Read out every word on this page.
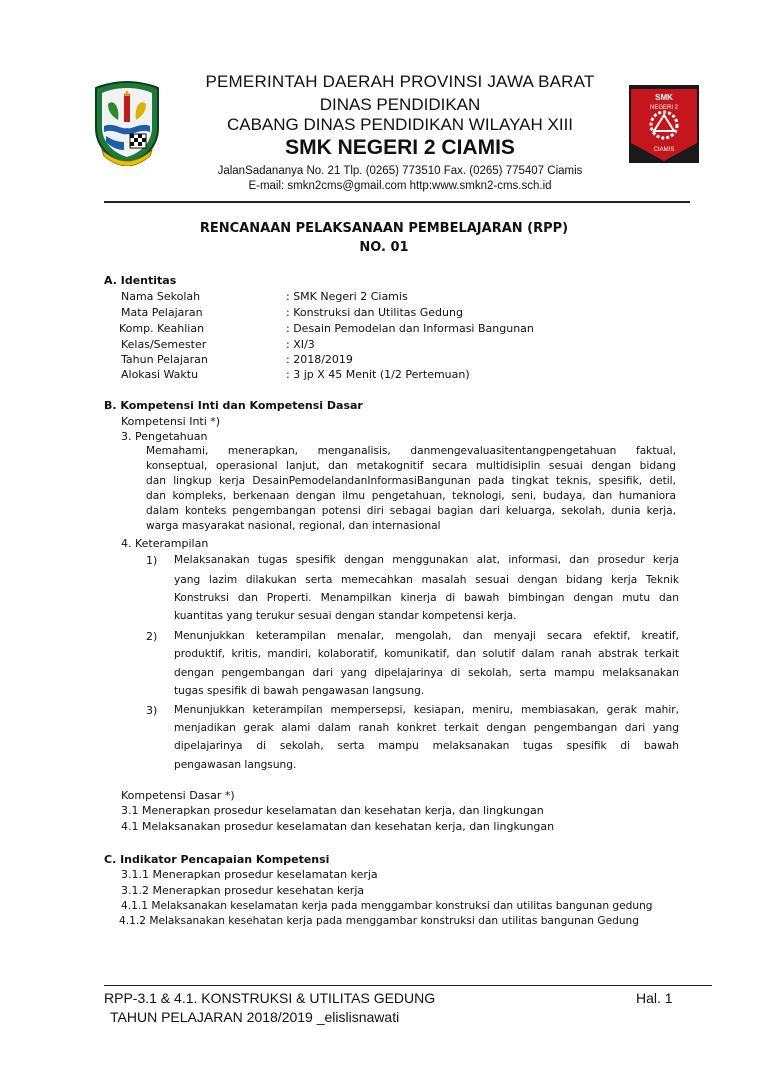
SMK
NEGERI 2
CIAMIS
PEMERINTAH DAERAH PROVINSI JAWA BARAT
DINAS PENDIDIKAN
CABANG DINAS PENDIDIKAN WILAYAH XIII
SMK NEGERI 2 CIAMIS
JalanSadananya No. 21 Tlp. (0265) 773510 Fax. (0265) 775407 Ciamis
E-mail: smkn2cms@gmail.com http:www.smkn2-cms.sch.id
RENCANAAN PELAKSANAAN PEMBELAJARAN (RPP)
NO. 01
A. Identitas
Nama Sekolah	: SMK Negeri 2 Ciamis
Mata Pelajaran	: Konstruksi dan Utilitas Gedung
Komp. Keahlian	: Desain Pemodelan dan Informasi Bangunan
Kelas/Semester	: XI/3
Tahun Pelajaran	: 2018/2019
Alokasi Waktu	: 3 jp X 45 Menit (1/2 Pertemuan)
B. Kompetensi Inti dan Kompetensi Dasar
Kompetensi Inti *)
3. Pengetahuan
Memahami, menerapkan, menganalisis, danmengevaluasitentangpengetahuan faktual,
konseptual, operasional lanjut, dan metakognitif secara multidisiplin sesuai dengan bidang
dan lingkup kerja DesainPemodelandanInformasiBangunan pada tingkat teknis, spesifik, detil,
dan kompleks, berkenaan dengan ilmu pengetahuan, teknologi, seni, budaya, dan humaniora
dalam konteks pengembangan potensi diri sebagai bagian dari keluarga, sekolah, dunia kerja,
warga masyarakat nasional, regional, dan internasional
4. Keterampilan
1) Melaksanakan tugas spesifik dengan menggunakan alat, informasi, dan prosedur kerja
yang lazim dilakukan serta memecahkan masalah sesuai dengan bidang kerja Teknik
Konstruksi dan Properti. Menampilkan kinerja di bawah bimbingan dengan mutu dan
kuantitas yang terukur sesuai dengan standar kompetensi kerja.
2) Menunjukkan keterampilan menalar, mengolah, dan menyaji secara efektif, kreatif,
produktif, kritis, mandiri, kolaboratif, komunikatif, dan solutif dalam ranah abstrak terkait
dengan pengembangan dari yang dipelajarinya di sekolah, serta mampu melaksanakan
tugas spesifik di bawah pengawasan langsung.
3) Menunjukkan keterampilan mempersepsi, kesiapan, meniru, membiasakan, gerak mahir,
menjadikan gerak alami dalam ranah konkret terkait dengan pengembangan dari yang
dipelajarinya di sekolah, serta mampu melaksanakan tugas spesifik di bawah
pengawasan langsung.
Kompetensi Dasar *)
3.1 Menerapkan prosedur keselamatan dan kesehatan kerja, dan lingkungan
4.1 Melaksanakan prosedur keselamatan dan kesehatan kerja, dan lingkungan
C. Indikator Pencapaian Kompetensi
3.1.1 Menerapkan prosedur keselamatan kerja
3.1.2 Menerapkan prosedur kesehatan kerja
4.1.1 Melaksanakan keselamatan kerja pada menggambar konstruksi dan utilitas bangunan gedung
4.1.2 Melaksanakan kesehatan kerja pada menggambar konstruksi dan utilitas bangunan Gedung
RPP-3.1 & 4.1. KONSTRUKSI & UTILITAS GEDUNG	Hal. 1
TAHUN PELAJARAN 2018/2019 _elislisnawati
